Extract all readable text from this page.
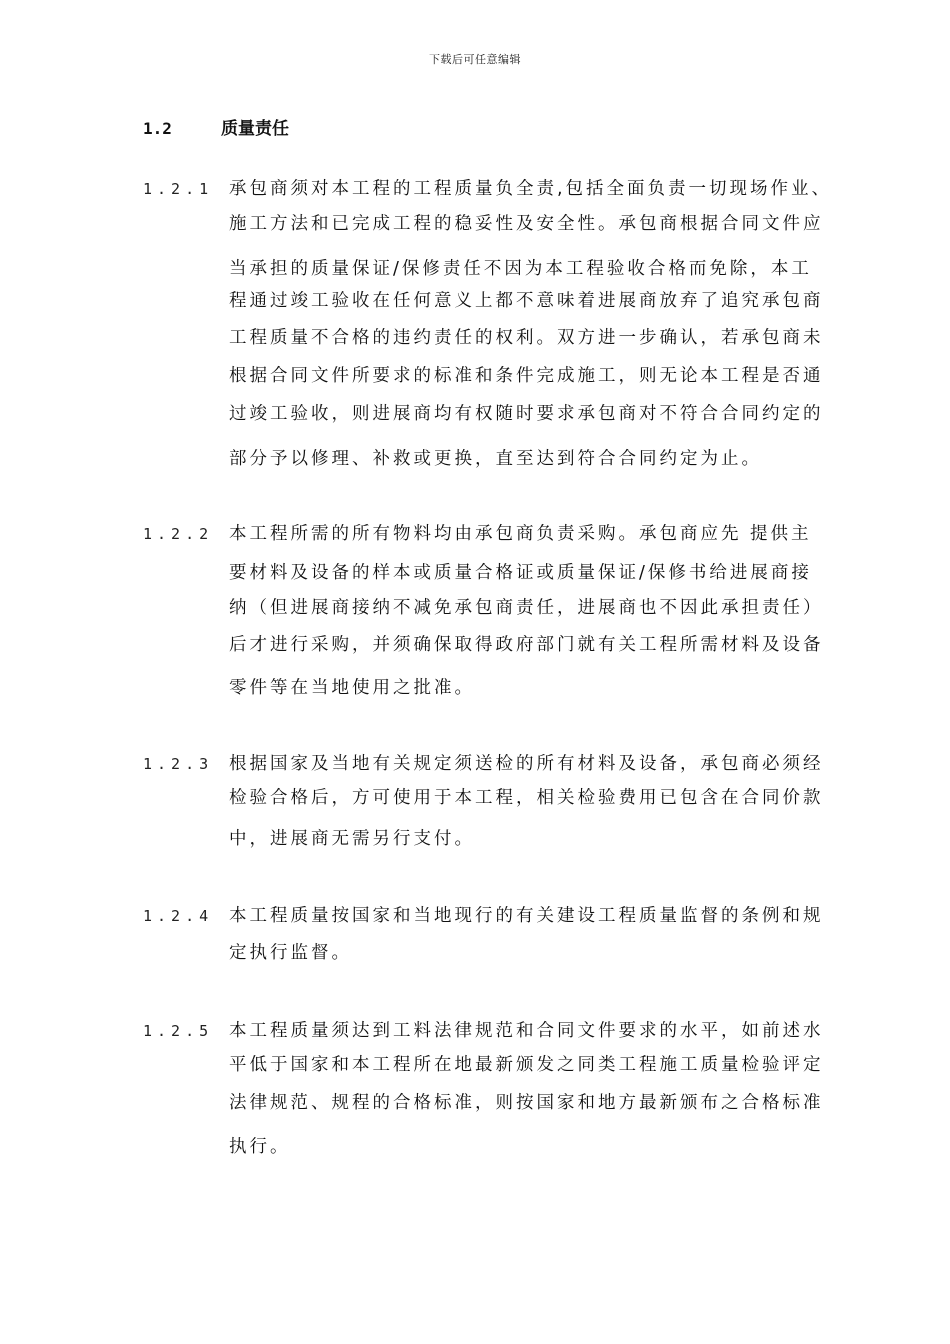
下载后可任意编辑
1.2	质量责任
1.2.1 承包商须对本工程的工程质量负全责,包括全面负责一切现场作业、
施工方法和已完成工程的稳妥性及安全性。承包商根据合同文件应
当承担的质量保证/保修责任不因为本工程验收合格而免除，本工
程通过竣工验收在任何意义上都不意味着进展商放弃了追究承包商
工程质量不合格的违约责任的权利。双方进一步确认，若承包商未
根据合同文件所要求的标准和条件完成施工，则无论本工程是否通
过竣工验收，则进展商均有权随时要求承包商对不符合合同约定的
部分予以修理、补救或更换，直至达到符合合同约定为止。
1.2.2 本工程所需的所有物料均由承包商负责采购。承包商应先 提供主
要材料及设备的样本或质量合格证或质量保证/保修书给进展商接
纳（但进展商接纳不减免承包商责任，进展商也不因此承担责任）
后才进行采购，并须确保取得政府部门就有关工程所需材料及设备
零件等在当地使用之批准。
1.2.3 根据国家及当地有关规定须送检的所有材料及设备，承包商必须经
检验合格后，方可使用于本工程，相关检验费用已包含在合同价款
中，进展商无需另行支付。
1.2.4 本工程质量按国家和当地现行的有关建设工程质量监督的条例和规
定执行监督。
1.2.5 本工程质量须达到工料法律规范和合同文件要求的水平，如前述水
平低于国家和本工程所在地最新颁发之同类工程施工质量检验评定
法律规范、规程的合格标准，则按国家和地方最新颁布之合格标准
执行。
